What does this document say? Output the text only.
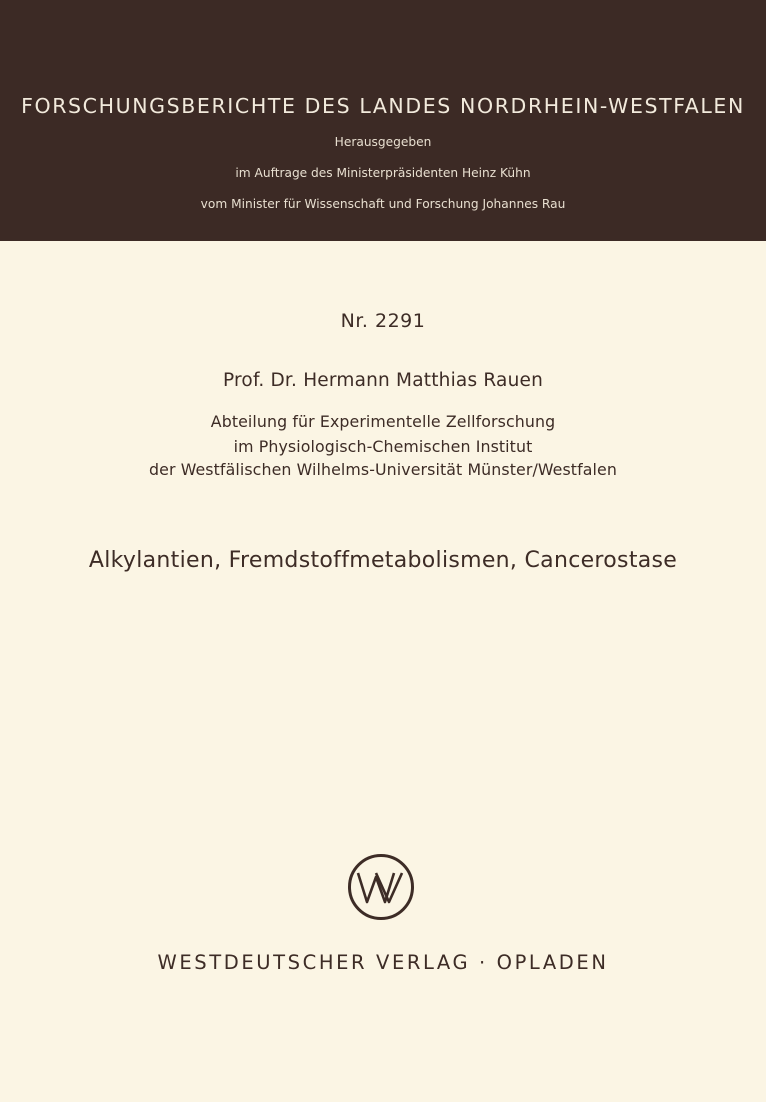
FORSCHUNGSBERICHTE DES LANDES NORDRHEIN-WESTFALEN
Herausgegeben
im Auftrage des Ministerpräsidenten Heinz Kühn
vom Minister für Wissenschaft und Forschung Johannes Rau
Nr. 2291
Prof. Dr. Hermann Matthias Rauen
Abteilung für Experimentelle Zellforschung
im Physiologisch-Chemischen Institut
der Westfälischen Wilhelms-Universität Münster/Westfalen
Alkylantien, Fremdstoffmetabolismen, Cancerostase
WESTDEUTSCHER VERLAG · OPLADEN
